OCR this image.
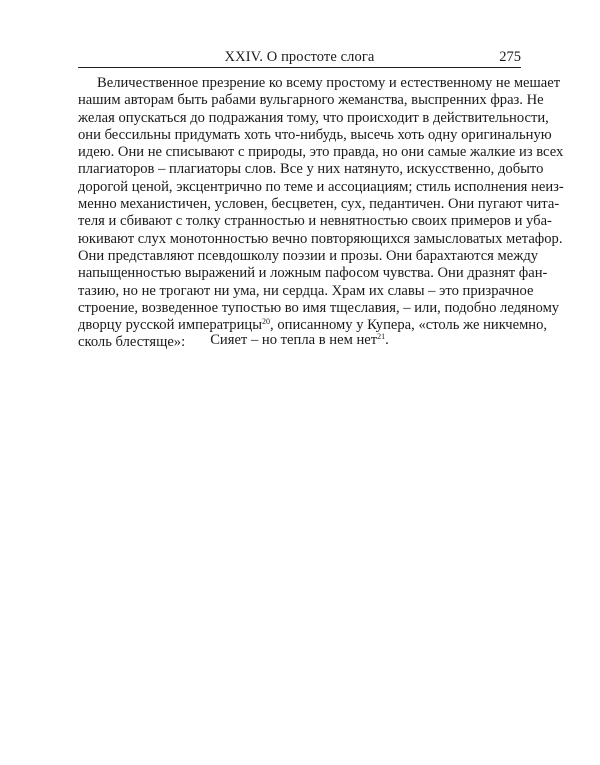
XXIV. О простоте слога	275
Величественное презрение ко всему простому и естественному не мешает
нашим авторам быть рабами вульгарного жеманства, выспренних фраз. Не
желая опускаться до подражания тому, что происходит в действительности,
они бессильны придумать хоть что-нибудь, высечь хоть одну оригинальную
идею. Они не списывают с природы, это правда, но они самые жалкие из всех
плагиаторов – плагиаторы слов. Все у них натянуто, искусственно, добыто
дорогой ценой, эксцентрично по теме и ассоциациям; стиль исполнения неиз-
менно механистичен, условен, бесцветен, сух, педантичен. Они пугают чита-
теля и сбивают с толку странностью и невнятностью своих примеров и уба-
юкивают слух монотонностью вечно повторяющихся замысловатых метафор.
Они представляют псевдошколу поэзии и прозы. Они барахтаются между
напыщенностью выражений и ложным пафосом чувства. Они дразнят фан-
тазию, но не трогают ни ума, ни сердца. Храм их славы – это призрачное
строение, возведенное тупостью во имя тщеславия, – или, подобно ледяному
дворцу русской императрицы$^{20}$, описанному у Купера, «столь же никчемно,
сколь блестяще»:	Сияет – но тепла в нем нет$^{21}$.
